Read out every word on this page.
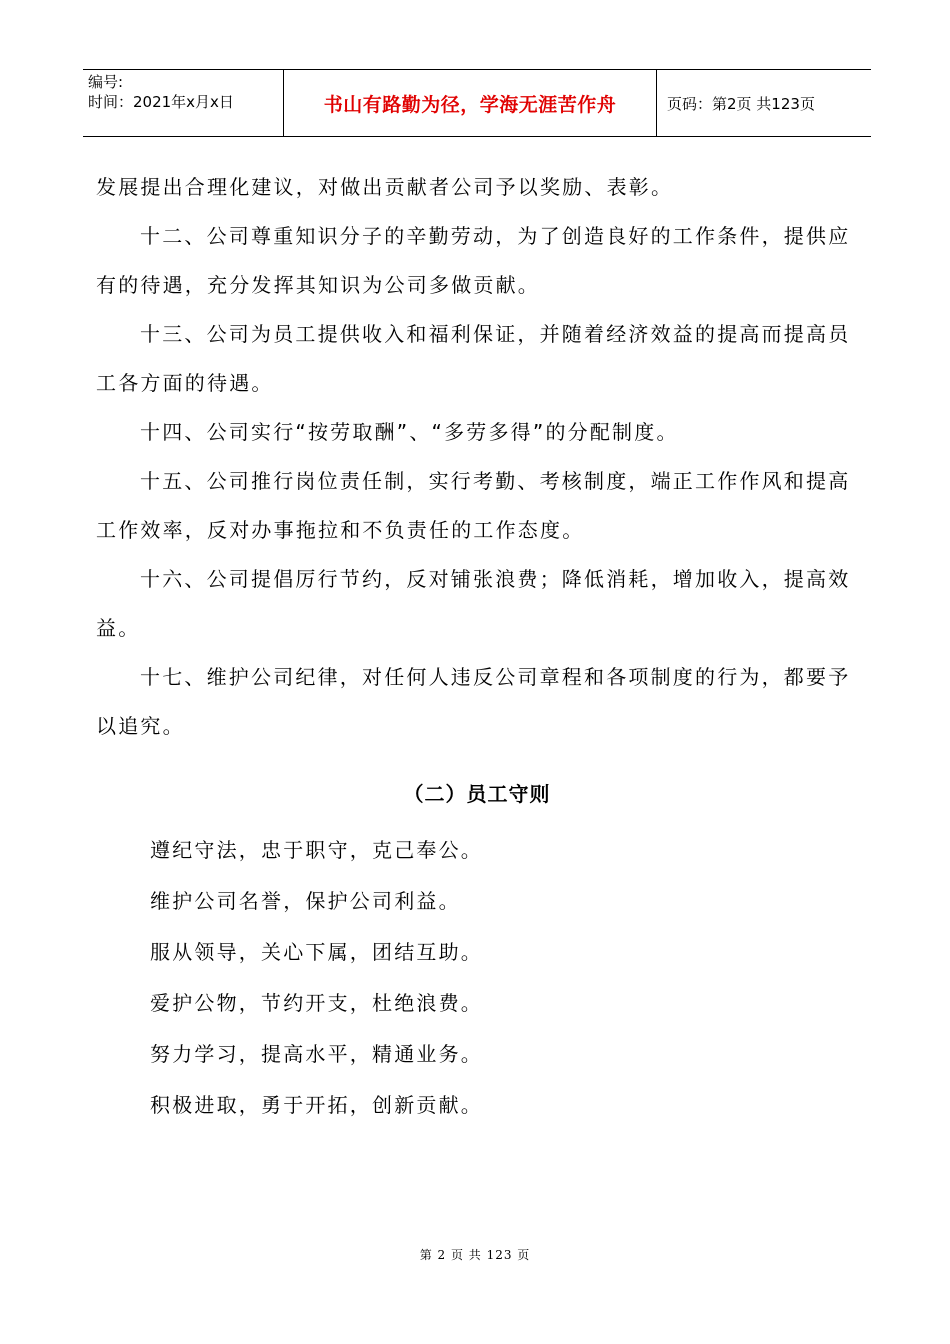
编号:
时间：2021年x月x日	书山有路勤为径，学海无涯苦作舟	页码：第2页 共123页

发展提出合理化建议，对做出贡献者公司予以奖励、表彰。

十二、公司尊重知识分子的辛勤劳动，为了创造良好的工作条件，提供应有的待遇，充分发挥其知识为公司多做贡献。

十三、公司为员工提供收入和福利保证，并随着经济效益的提高而提高员工各方面的待遇。

十四、公司实行“按劳取酬”、“多劳多得”的分配制度。

十五、公司推行岗位责任制，实行考勤、考核制度，端正工作作风和提高工作效率，反对办事拖拉和不负责任的工作态度。

十六、公司提倡厉行节约，反对铺张浪费；降低消耗，增加收入，提高效益。

十七、维护公司纪律，对任何人违反公司章程和各项制度的行为，都要予以追究。

（二）员工守则

遵纪守法，忠于职守，克己奉公。

维护公司名誉，保护公司利益。

服从领导，关心下属，团结互助。

爱护公物，节约开支，杜绝浪费。

努力学习，提高水平，精通业务。

积极进取，勇于开拓，创新贡献。

第 2 页 共 123 页
